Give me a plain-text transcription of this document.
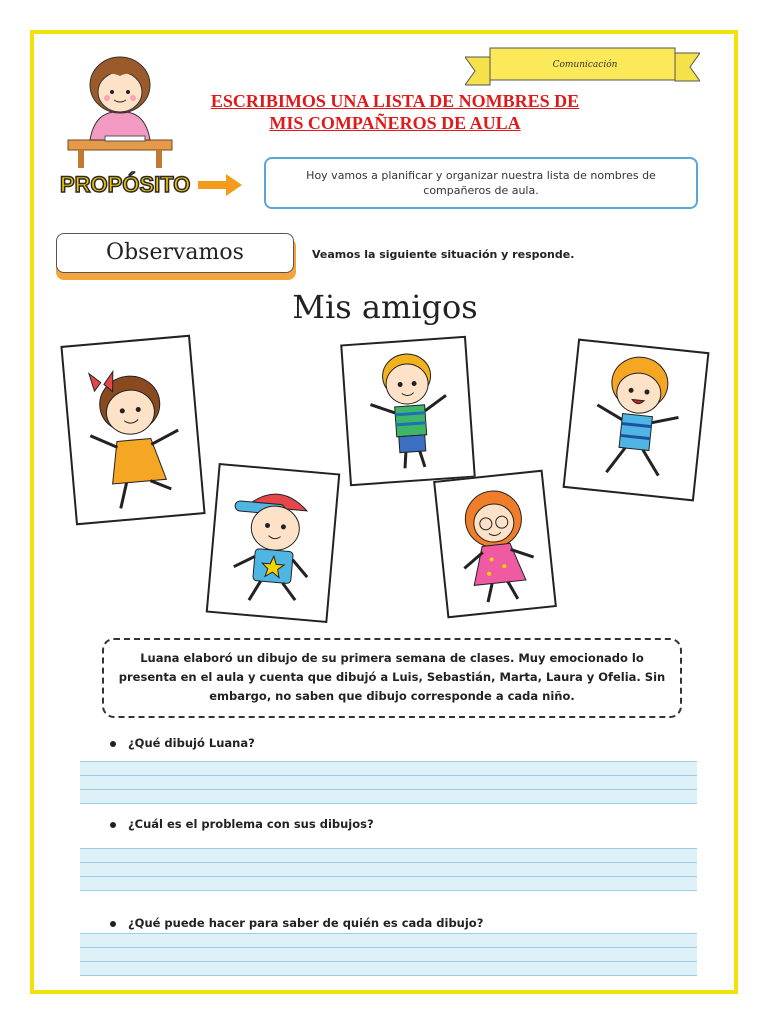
ESCRIBIMOS UNA LISTA DE NOMBRES DE
MIS COMPAÑEROS DE AULA
Comunicación
PROPÓSITO	Hoy vamos a planificar y organizar nuestra lista de nombres de compañeros de aula.
Observamos	Veamos la siguiente situación y responde.
Mis amigos
Luana elaboró un dibujo de su primera semana de clases. Muy emocionado lo presenta en el aula y cuenta que dibujó a Luis, Sebastián, Marta, Laura y Ofelia. Sin embargo, no saben que dibujo corresponde a cada niño.
¿Qué dibujó Luana?
¿Cuál es el problema con sus dibujos?
¿Qué puede hacer para saber de quién es cada dibujo?
